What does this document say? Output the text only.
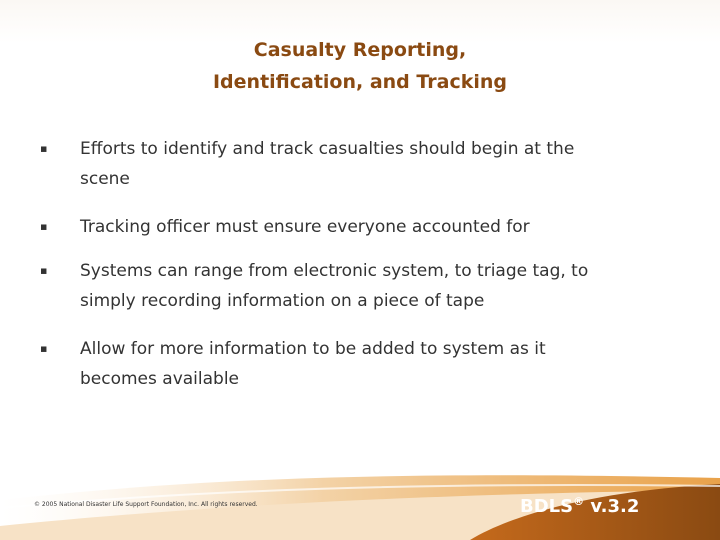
Casualty Reporting,
Identification, and Tracking
▪ Efforts to identify and track casualties should begin at the
scene
▪ Tracking officer must ensure everyone accounted for
▪ Systems can range from electronic system, to triage tag, to
simply recording information on a piece of tape
▪ Allow for more information to be added to system as it
becomes available
© 2005 National Disaster Life Support Foundation, Inc. All rights reserved.	BDLS® v.3.2
